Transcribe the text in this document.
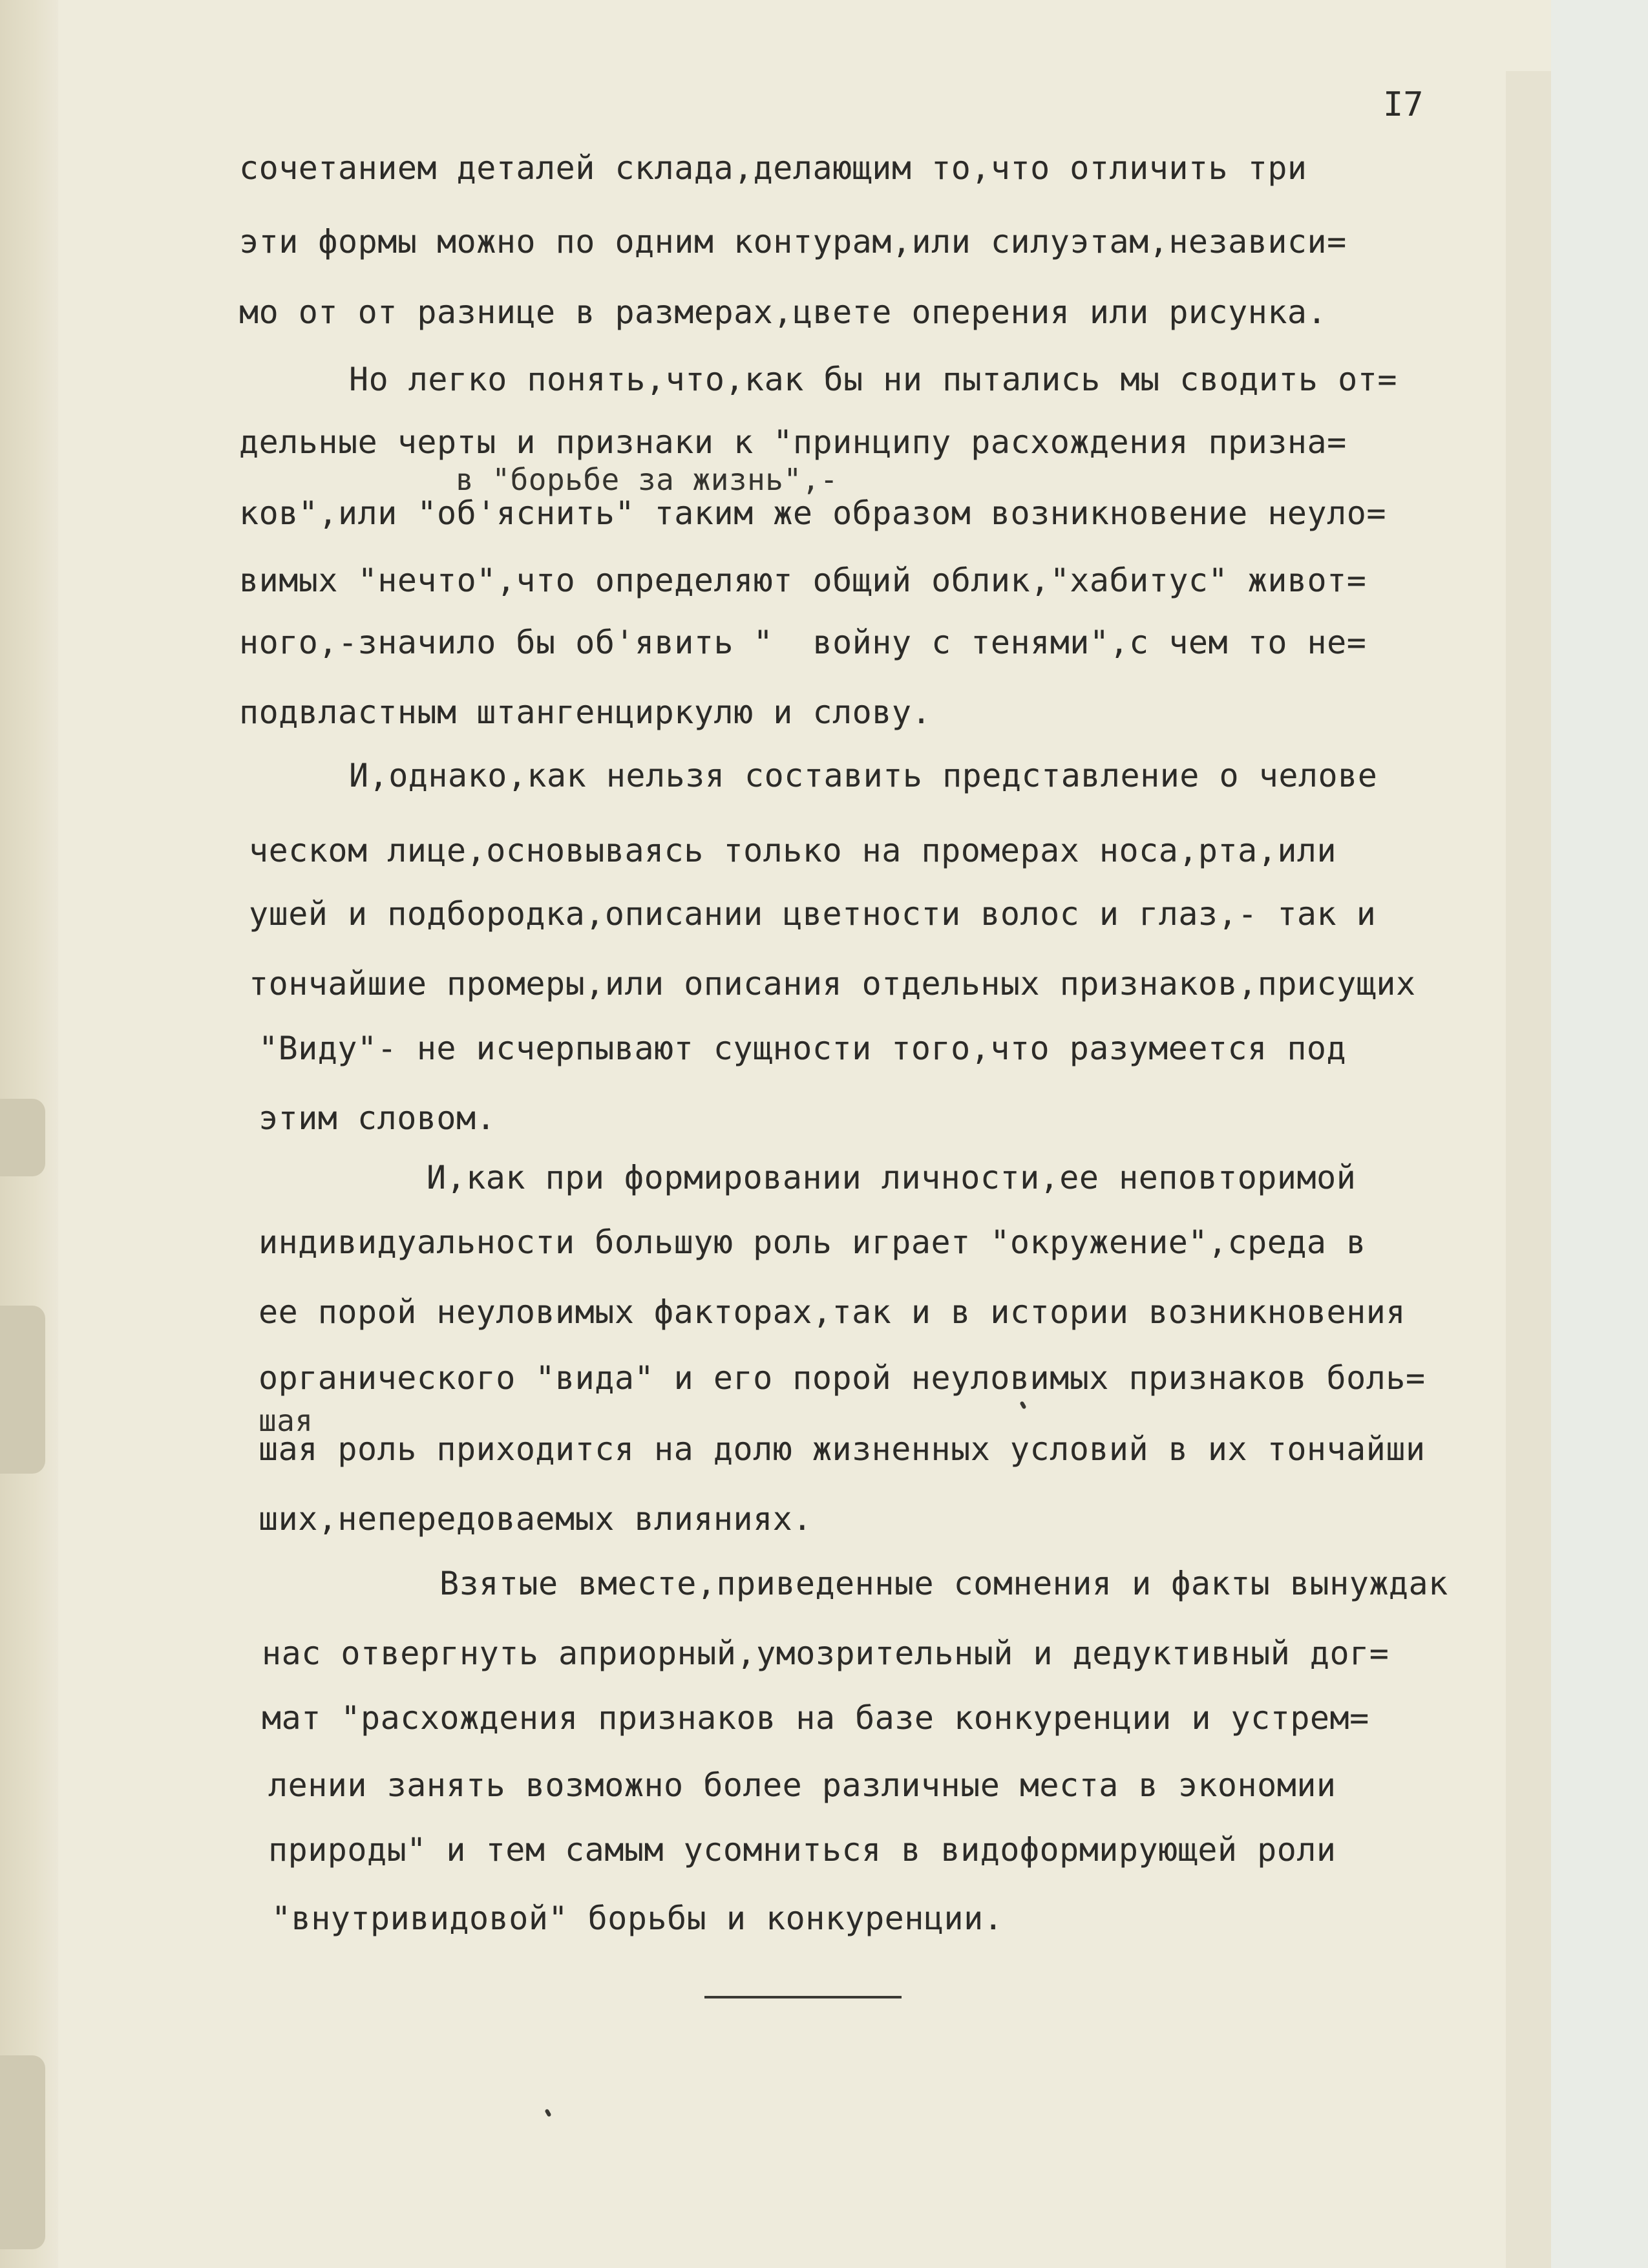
I7

сочетанием деталей склада,делающим то,что отличить три

эти формы можно по одним контурам,или силуэтам,независи=

мо от от разнице в размерах,цвете оперения или рисунка.

Но легко понять,что,как бы ни пытались мы сводить от=

дельные черты и признаки к "принципу расхождения призна=

в "борьбе за жизнь",-

ков",или "об'яснить" таким же образом возникновение неуло=

вимых "нечто",что определяют общий облик,"хабитус" живот=

ного,-значило бы об'явить "  войну с тенями",с чем то не=

подвластным штангенциркулю и слову.

И,однако,как нельзя составить представление о челове

ческом лице,основываясь только на промерах носа,рта,или

ушей и подбородка,описании цветности волос и глаз,- так и

тончайшие промеры,или описания отдельных признаков,присущих

"Виду"- не исчерпывают сущности того,что разумеется под

этим словом.

И,как при формировании личности,ее неповторимой

индивидуальности большую роль играет "окружение",среда в

ее порой неуловимых факторах,так и в истории возникновения

органического "вида" и его порой неуловимых признаков боль=

шая

шая роль приходится на долю жизненных условий в их тончайши

ших,непередоваемых влияниях.

Взятые вместе,приведенные сомнения и факты вынуждак

нас отвергнуть априорный,умозрительный и дедуктивный дог=

мат "расхождения признаков на базе конкуренции и устрем=

лении занять возможно более различные места в экономии

природы" и тем самым усомниться в видоформирующей роли

"внутривидовой" борьбы и конкуренции.
